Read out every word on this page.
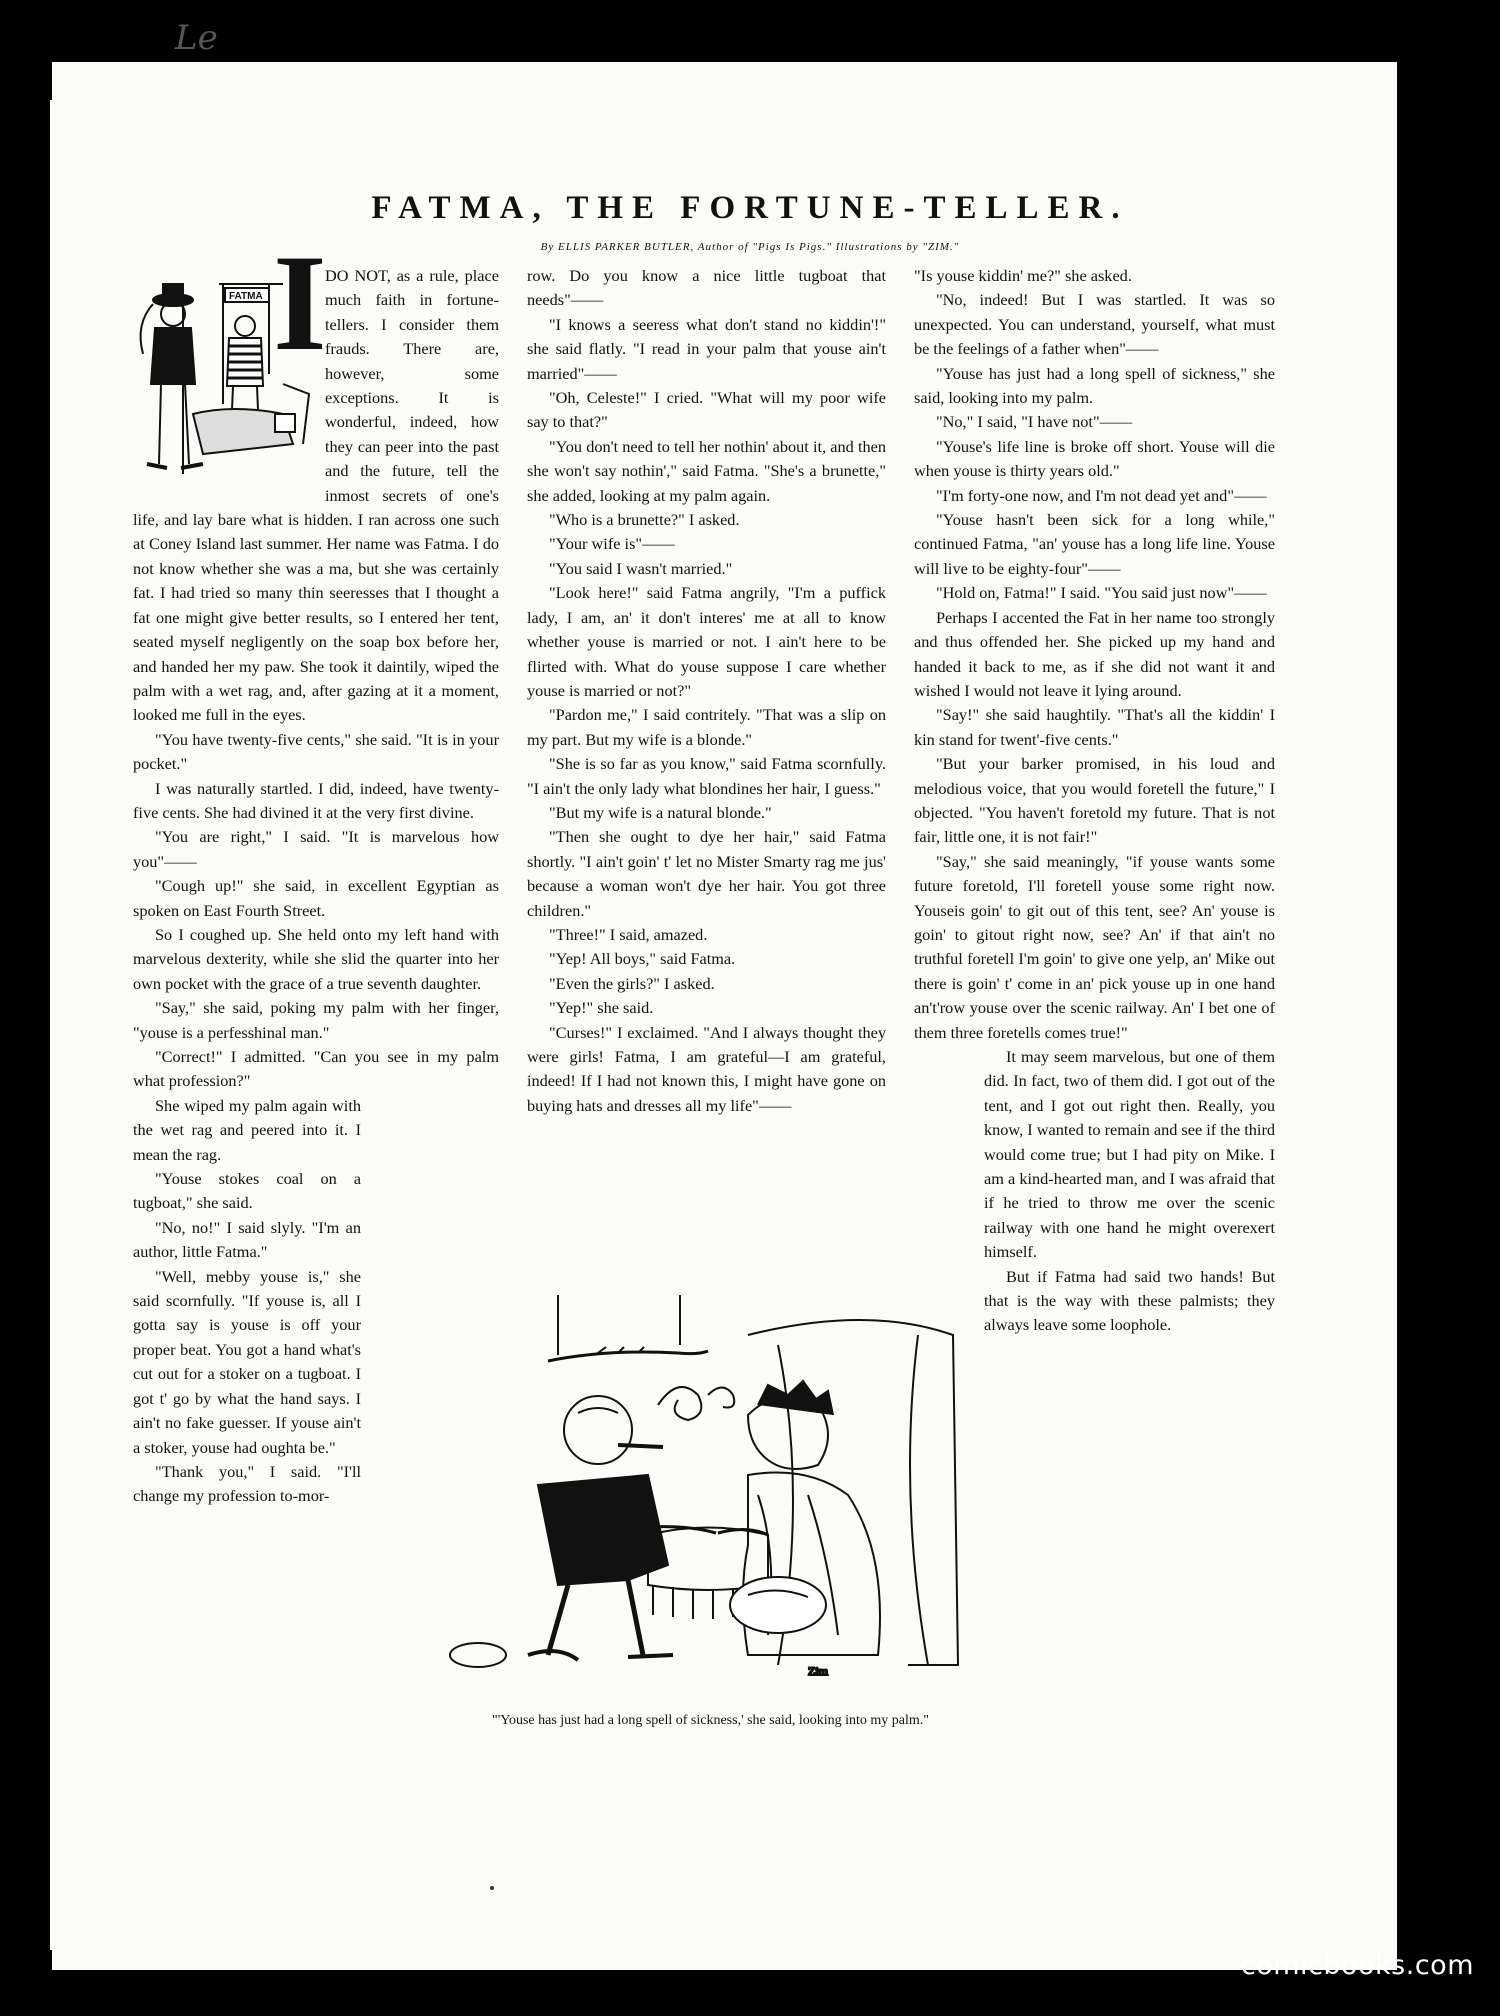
Le
FATMA, THE FORTUNE-TELLER.
By ELLIS PARKER BUTLER, Author of "Pigs Is Pigs." Illustrations by "ZIM."
FATMA I

DO NOT, as a rule, place much faith in fortune-tellers. I consider them frauds. There are, however, some exceptions. It is wonderful, indeed, how they can peer into the past and the future, tell the inmost secrets of one's life, and lay bare what is hidden. I ran across one such at Coney Island last summer. Her name was Fatma. I do not know whether she was a ma, but she was certainly fat. I had tried so many thin seeresses that I thought a fat one might give better results, so I entered her tent, seated myself negligently on the soap box before her, and handed her my paw. She took it daintily, wiped the palm with a wet rag, and, after gazing at it a moment, looked me full in the eyes.

"You have twenty-five cents," she said. "It is in your pocket."

I was naturally startled. I did, indeed, have twenty-five cents. She had divined it at the very first divine.

"You are right," I said. "It is marvelous how you"——

"Cough up!" she said, in excellent Egyptian as spoken on East Fourth Street.

So I coughed up. She held onto my left hand with marvelous dexterity, while she slid the quarter into her own pocket with the grace of a true seventh daughter.

"Say," she said, poking my palm with her finger, "youse is a perfesshinal man."

"Correct!" I admitted. "Can you see in my palm what profession?"

She wiped my palm again with the wet rag and peered into it. I mean the rag.

"Youse stokes coal on a tugboat," she said.

"No, no!" I said slyly. "I'm an author, little Fatma."

"Well, mebby youse is," she said scornfully. "If youse is, all I gotta say is youse is off your proper beat. You got a hand what's cut out for a stoker on a tugboat. I got t' go by what the hand says. I ain't no fake guesser. If youse ain't a stoker, youse had oughta be."

"Thank you," I said. "I'll change my profession to-mor-

row. Do you know a nice little tugboat that needs"——

"I knows a seeress what don't stand no kiddin'!" she said flatly. "I read in your palm that youse ain't married"——

"Oh, Celeste!" I cried. "What will my poor wife say to that?"

"You don't need to tell her nothin' about it, and then she won't say nothin'," said Fatma. "She's a brunette," she added, looking at my palm again.

"Who is a brunette?" I asked.

"Your wife is"——

"You said I wasn't married."

"Look here!" said Fatma angrily, "I'm a puffick lady, I am, an' it don't interes' me at all to know whether youse is married or not. I ain't here to be flirted with. What do youse suppose I care whether youse is married or not?"

"Pardon me," I said contritely. "That was a slip on my part. But my wife is a blonde."

"She is so far as you know," said Fatma scornfully. "I ain't the only lady what blondines her hair, I guess."

"But my wife is a natural blonde."

"Then she ought to dye her hair," said Fatma shortly. "I ain't goin' t' let no Mister Smarty rag me jus' because a woman won't dye her hair. You got three children."

"Three!" I said, amazed.

"Yep! All boys," said Fatma.

"Even the girls?" I asked.

"Yep!" she said.

"Curses!" I exclaimed. "And I always thought they were girls! Fatma, I am grateful—I am grateful, indeed! If I had not known this, I might have gone on buying hats and dresses all my life"——

"Is youse kiddin' me?" she asked.

"No, indeed! But I was startled. It was so unexpected. You can understand, yourself, what must be the feelings of a father when"——

"Youse has just had a long spell of sickness," she said, looking into my palm.

"No," I said, "I have not"——

"Youse's life line is broke off short. Youse will die when youse is thirty years old."

"I'm forty-one now, and I'm not dead yet and"——

"Youse hasn't been sick for a long while," continued Fatma, "an' youse has a long life line. Youse will live to be eighty-four"——

"Hold on, Fatma!" I said. "You said just now"——

Perhaps I accented the Fat in her name too strongly and thus offended her. She picked up my hand and handed it back to me, as if she did not want it and wished I would not leave it lying around.

"Say!" she said haughtily. "That's all the kiddin' I kin stand for twent'-five cents."

"But your barker promised, in his loud and melodious voice, that you would foretell the future," I objected. "You haven't foretold my future. That is not fair, little one, it is not fair!"

"Say," she said meaningly, "if youse wants some future foretold, I'll foretell youse some right now. Youseis goin' to git out of this tent, see? An' youse is goin' to gitout right now, see? An' if that ain't no truthful foretell I'm goin' to give one yelp, an' Mike out there is goin' t' come in an' pick youse up in one hand an't'row youse over the scenic railway. An' I bet one of them three foretells comes true!"

It may seem marvelous, but one of them did. In fact, two of them did. I got out of the tent, and I got out right then. Really, you know, I wanted to remain and see if the third would come true; but I had pity on Mike. I am a kind-hearted man, and I was afraid that if he tried to throw me over the scenic railway with one hand he might overexert himself.

But if Fatma had said two hands! But that is the way with these palmists; they always leave some loophole.

Zim
"'Youse has just had a long spell of sickness,' she said, looking into my palm."
comicbooks.com
